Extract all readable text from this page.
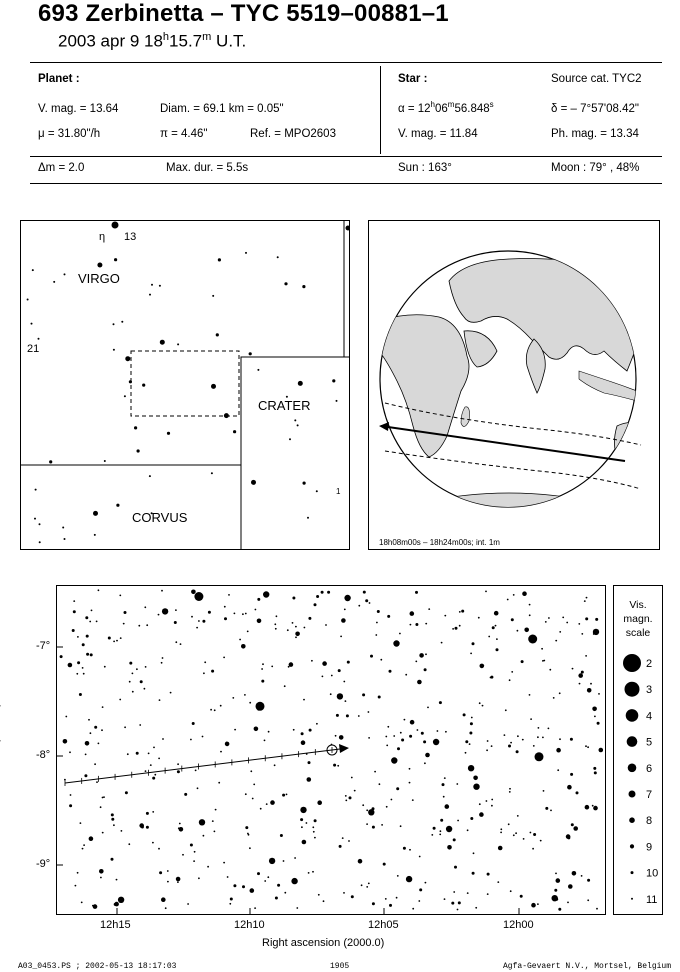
693 Zerbinetta – TYC 5519–00881–1
2003 apr 9 18$^h$15.7$^m$ U.T.
Planet :
V. mag. = 13.64	Diam. = 69.1 km = 0.05"
μ = 31.80"/h	π = 4.46"	Ref. = MPO2603
Star :	Source cat. TYC2
$\alpha = 12^h06^m56.848^s$	δ = – 7°57'08.42"
V. mag. = 11.84	Ph. mag. = 13.34
Δm = 2.0	Max. dur. = 5.5s	Sun : 163°	Moon : 79° , 48%
VIRGO
CRATER
CORVUS
η 13
21
1
18h08m00s – 18h24m00s; int. 1m
-7°
-8°
-9°
12h15	12h10	12h05	12h00
Right ascension (2000.0)
Vis.
magn.
scale
2
3
4
5
6
7
8
9
10
11
A03_0453.PS ; 2002-05-13 18:17:03	1905	Agfa-Gevaert N.V., Mortsel, Belgium
